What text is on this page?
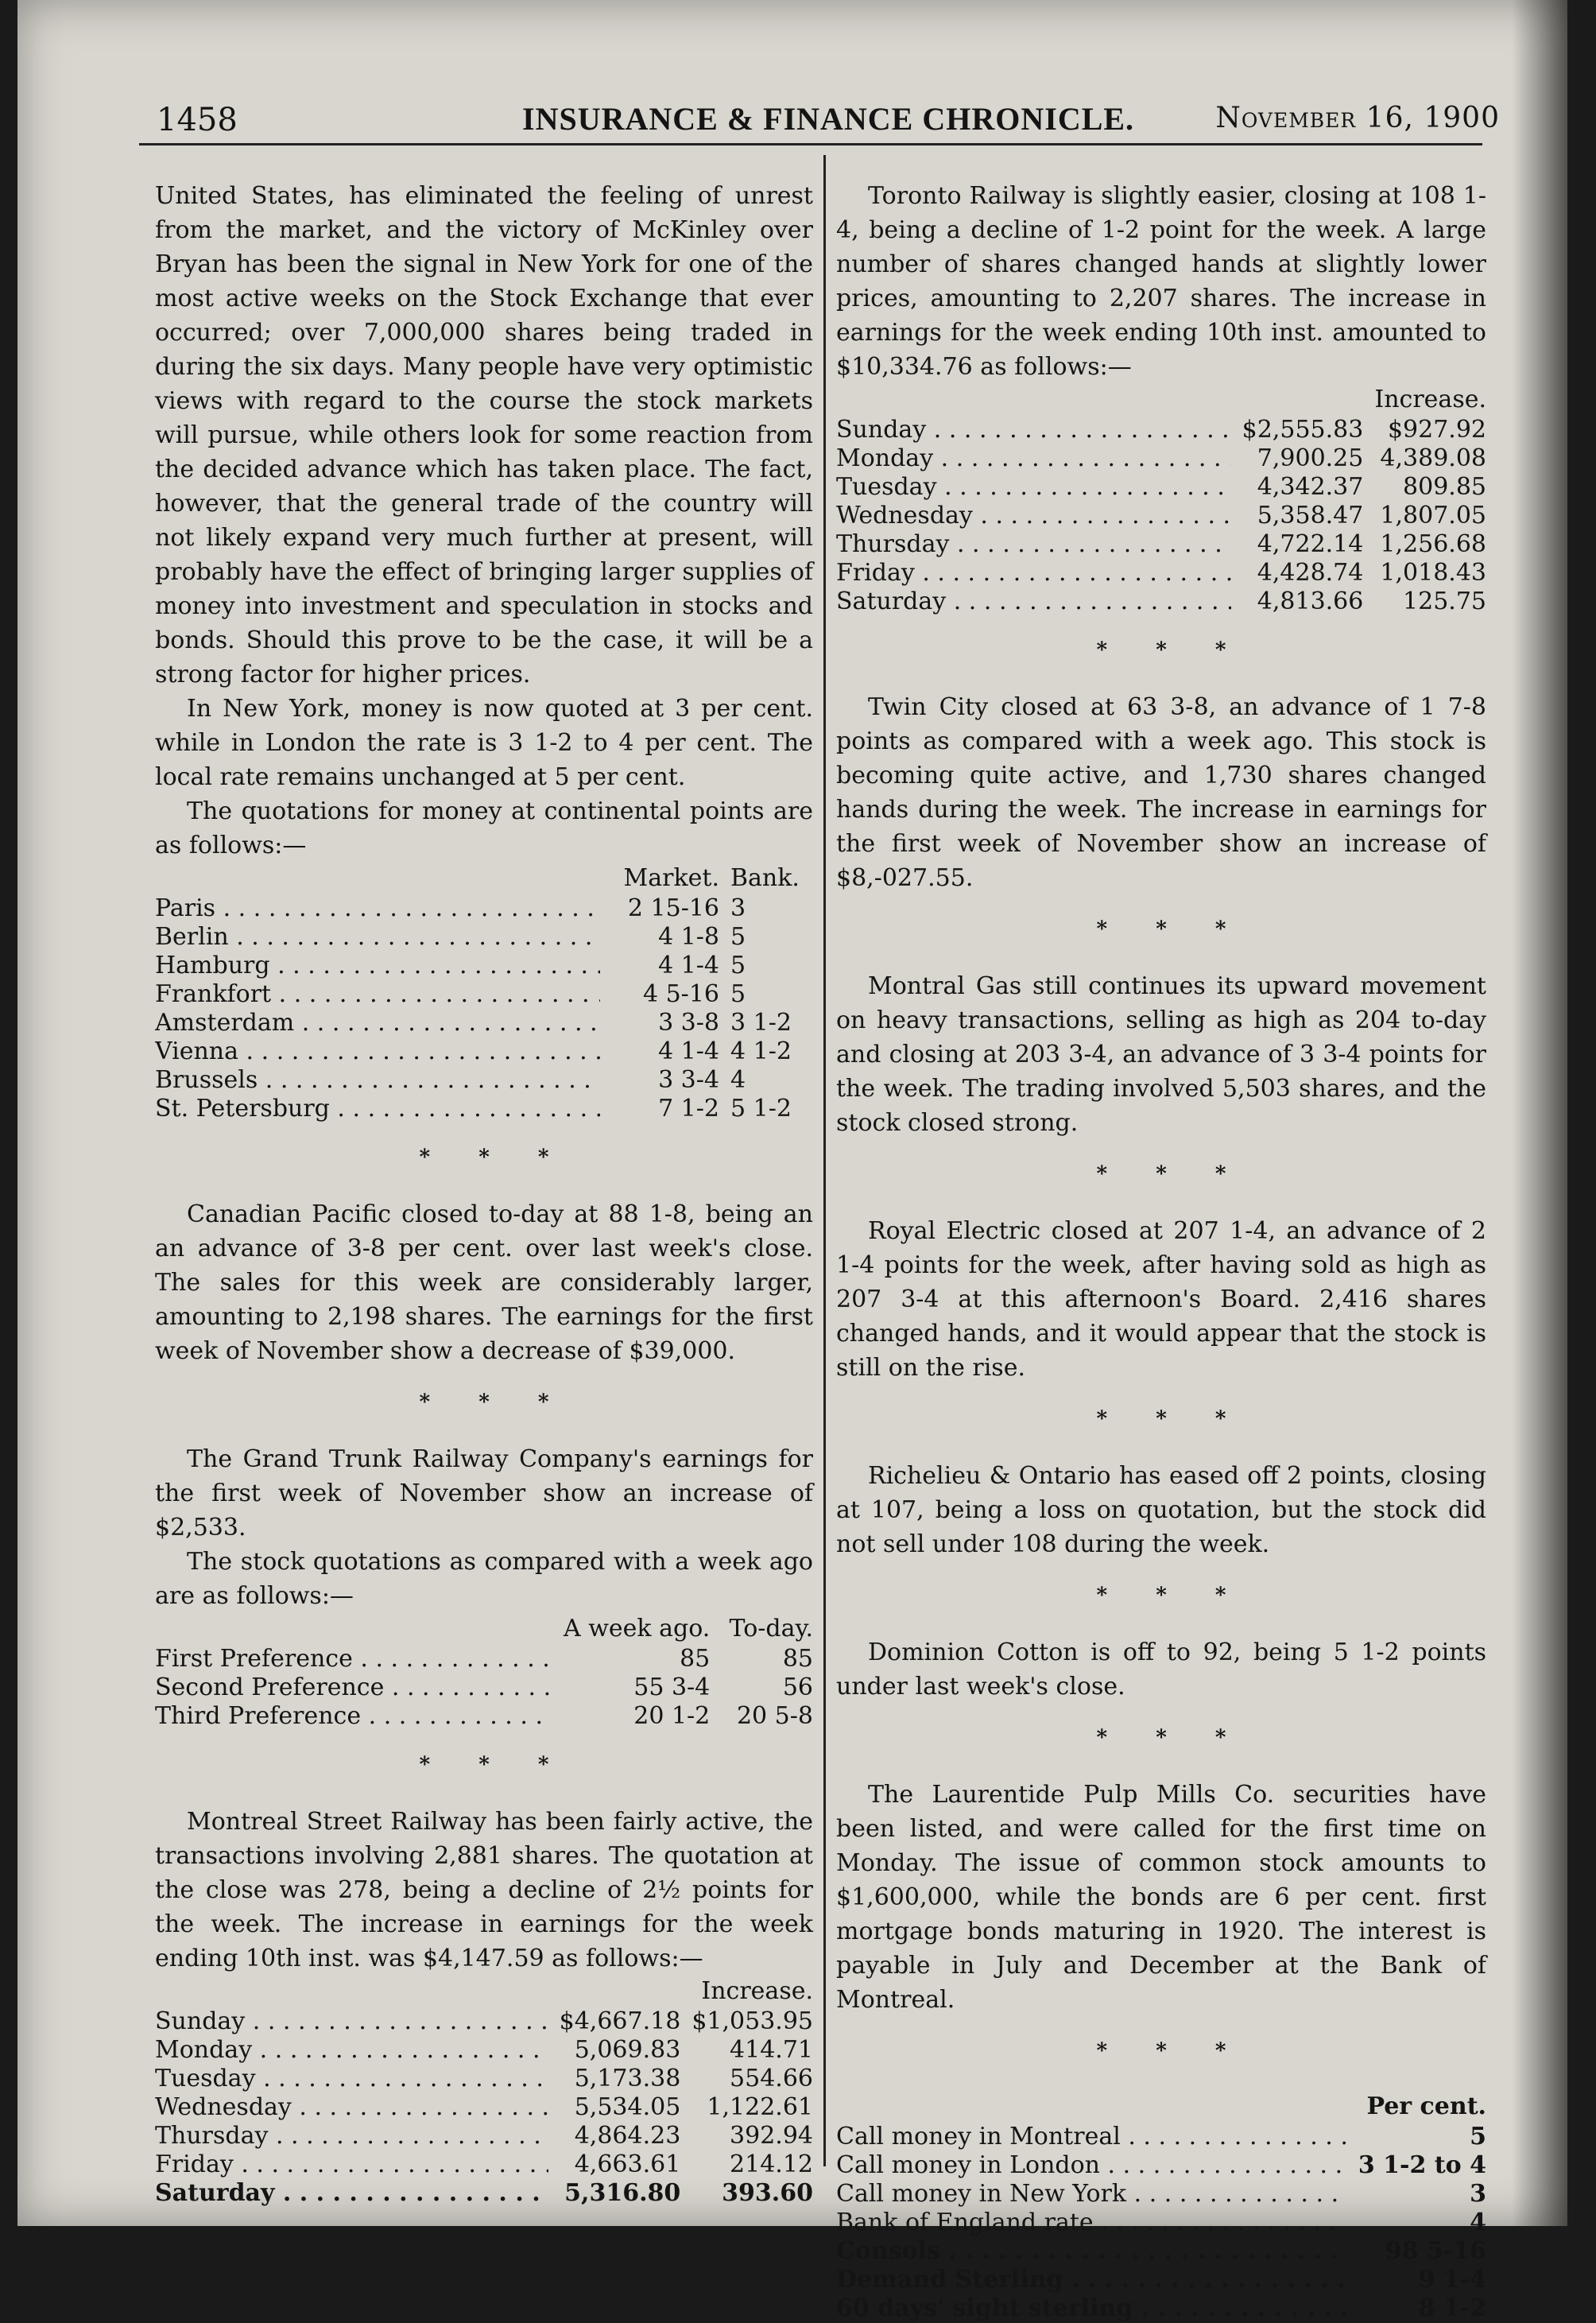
1458	INSURANCE & FINANCE CHRONICLE.	November 16, 1900

United States, has eliminated the feeling of unrest from the market, and the victory of McKinley over Bryan has been the signal in New York for one of the most active weeks on the Stock Exchange that ever occurred; over 7,000,000 shares being traded in during the six days. Many people have very optimistic views with regard to the course the stock markets will pursue, while others look for some reaction from the decided advance which has taken place. The fact, however, that the general trade of the country will not likely expand very much further at present, will probably have the effect of bringing larger supplies of money into investment and speculation in stocks and bonds. Should this prove to be the case, it will be a strong factor for higher prices.

In New York, money is now quoted at 3 per cent. while in London the rate is 3 1-2 to 4 per cent. The local rate remains unchanged at 5 per cent.

The quotations for money at continental points are as follows:—

	Market.	Bank.
Paris . . .	2 15-16	3
Berlin . . .	4 1-8	5
Hamburg . . .	4 1-4	5
Frankfort . . .	4 5-16	5
Amsterdam . . .	3 3-8	3 1-2
Vienna . . .	4 1-4	4 1-2
Brussels . . .	3 3-4	4
St. Petersburg . . .	7 1-2	5 1-2
* * *

Canadian Pacific closed to-day at 88 1-8, being an an advance of 3-8 per cent. over last week's close. The sales for this week are considerably larger, amounting to 2,198 shares. The earnings for the first week of November show a decrease of $39,000.

* * *

The Grand Trunk Railway Company's earnings for the first week of November show an increase of $2,533.

The stock quotations as compared with a week ago are as follows:—

	A week ago.	To-day.
First Preference . . .	85	85
Second Preference . . .	55 3-4	56
Third Preference . . .	20 1-2	20 5-8
* * *

Montreal Street Railway has been fairly active, the transactions involving 2,881 shares. The quotation at the close was 278, being a decline of 2½ points for the week. The increase in earnings for the week ending 10th inst. was $4,147.59 as follows:—

		Increase.
Sunday . . .	$4,667.18	$1,053.95
Monday . . .	5,069.83	414.71
Tuesday . . .	5,173.38	554.66
Wednesday . . .	5,534.05	1,122.61
Thursday . . .	4,864.23	392.94
Friday . . .	4,663.61	214.12
Saturday . . .	5,316.80	393.60

Toronto Railway is slightly easier, closing at 108 1-4, being a decline of 1-2 point for the week. A large number of shares changed hands at slightly lower prices, amounting to 2,207 shares. The increase in earnings for the week ending 10th inst. amounted to $10,334.76 as follows:—

		Increase.
Sunday . . .	$2,555.83	$927.92
Monday . . .	7,900.25	4,389.08
Tuesday . . .	4,342.37	809.85
Wednesday . . .	5,358.47	1,807.05
Thursday . . .	4,722.14	1,256.68
Friday . . .	4,428.74	1,018.43
Saturday . . .	4,813.66	125.75
* * *

Twin City closed at 63 3-8, an advance of 1 7-8 points as compared with a week ago. This stock is becoming quite active, and 1,730 shares changed hands during the week. The increase in earnings for the first week of November show an increase of $8,-027.55.

* * *

Montral Gas still continues its upward movement on heavy transactions, selling as high as 204 to-day and closing at 203 3-4, an advance of 3 3-4 points for the week. The trading involved 5,503 shares, and the stock closed strong.

* * *

Royal Electric closed at 207 1-4, an advance of 2 1-4 points for the week, after having sold as high as 207 3-4 at this afternoon's Board. 2,416 shares changed hands, and it would appear that the stock is still on the rise.

* * *

Richelieu & Ontario has eased off 2 points, closing at 107, being a loss on quotation, but the stock did not sell under 108 during the week.

* * *

Dominion Cotton is off to 92, being 5 1-2 points under last week's close.

* * *

The Laurentide Pulp Mills Co. securities have been listed, and were called for the first time on Monday. The issue of common stock amounts to $1,600,000, while the bonds are 6 per cent. first mortgage bonds maturing in 1920. The interest is payable in July and December at the Bank of Montreal.

* * *
	Per cent.
Call money in Montreal . . .	5
Call money in London . . .	3 1-2 to 4
Call money in New York . . .	3
Bank of England rate . . .	4
Consols . . .	98 5-16
Demand Sterling . . .	9 1-4
60 days' sight sterling . . .	8 1-2
